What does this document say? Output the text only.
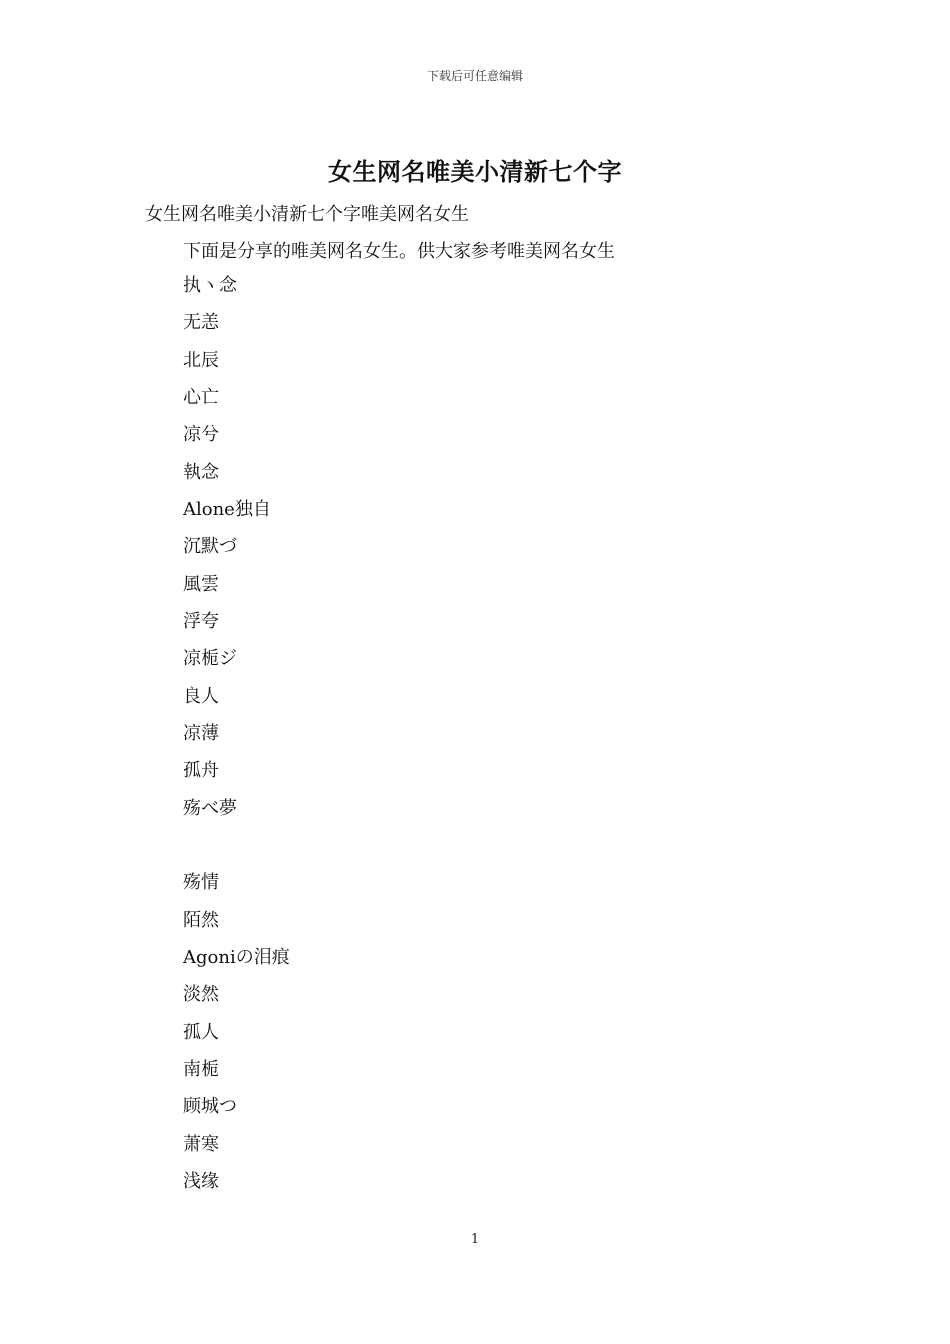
下载后可任意编辑
女生网名唯美小清新七个字
女生网名唯美小清新七个字唯美网名女生
下面是分享的唯美网名女生。供大家参考唯美网名女生
执ヽ念
无恙
北辰
心亡
凉兮
執念
Alone独自
沉默づ
風雲
浮夸
凉栀ジ
良人
凉薄
孤舟
殇べ夢
殇情
陌然
Agoniの泪痕
淡然
孤人
南栀
顾城つ
萧寒
浅缘
1
